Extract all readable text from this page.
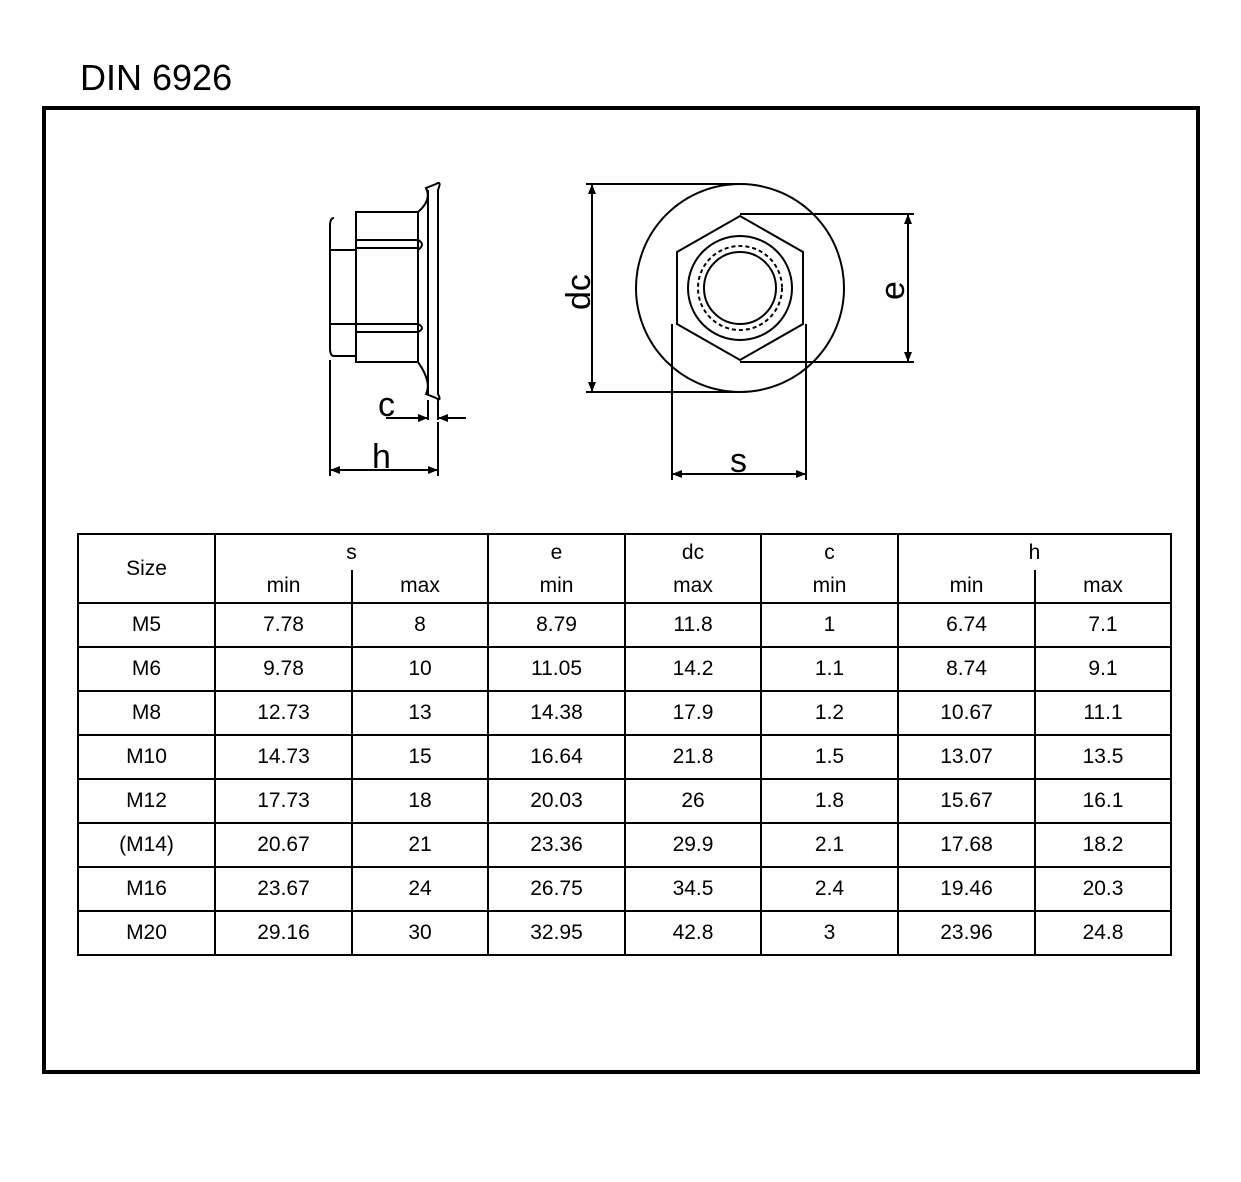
DIN 6926
c
h	s
dc	e
Size	s		e	dc	c	h	
	min	max	min	max	min	min	max
M5	7.78	8	8.79	11.8	1	6.74	7.1
M6	9.78	10	11.05	14.2	1.1	8.74	9.1
M8	12.73	13	14.38	17.9	1.2	10.67	11.1
M10	14.73	15	16.64	21.8	1.5	13.07	13.5
M12	17.73	18	20.03	26	1.8	15.67	16.1
(M14)	20.67	21	23.36	29.9	2.1	17.68	18.2
M16	23.67	24	26.75	34.5	2.4	19.46	20.3
M20	29.16	30	32.95	42.8	3	23.96	24.8
